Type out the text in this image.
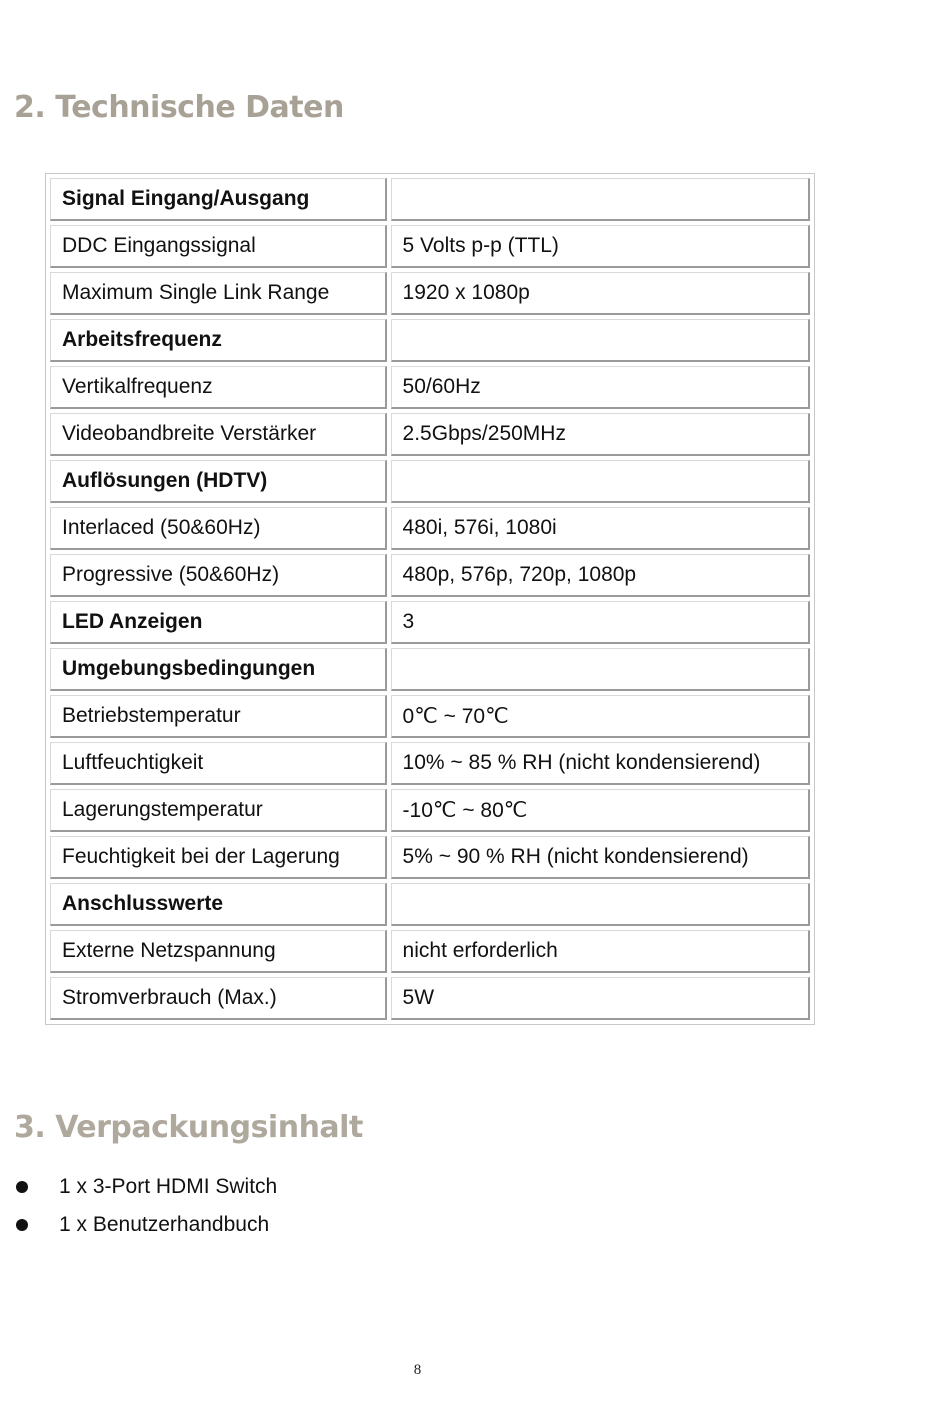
2. Technische Daten
Signal Eingang/Ausgang	
DDC Eingangssignal	5 Volts p-p (TTL)
Maximum Single Link Range	1920 x 1080p
Arbeitsfrequenz	
Vertikalfrequenz	50/60Hz
Videobandbreite Verstärker	2.5Gbps/250MHz
Auflösungen (HDTV)	
Interlaced (50&60Hz)	480i, 576i, 1080i
Progressive (50&60Hz)	480p, 576p, 720p, 1080p
LED Anzeigen	3
Umgebungsbedingungen	
Betriebstemperatur	0℃ ~ 70℃
Luftfeuchtigkeit	10% ~ 85 % RH (nicht kondensierend)
Lagerungstemperatur	-10℃ ~ 80℃
Feuchtigkeit bei der Lagerung	5% ~ 90 % RH (nicht kondensierend)
Anschlusswerte	
Externe Netzspannung	nicht erforderlich
Stromverbrauch (Max.)	5W
3. Verpackungsinhalt
1 x 3-Port HDMI Switch
1 x Benutzerhandbuch
8
